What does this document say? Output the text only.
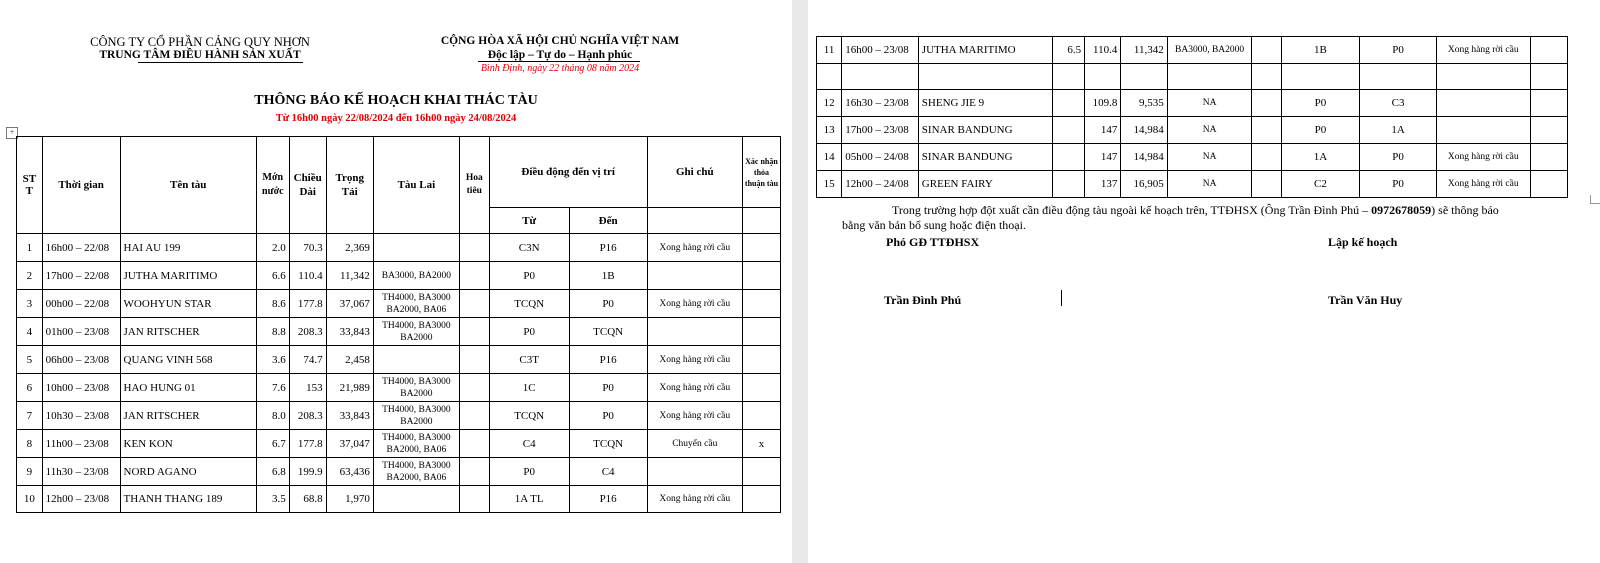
CÔNG TY CỔ PHẦN CẢNG QUY NHƠN
TRUNG TÂM ĐIỀU HÀNH SẢN XUẤT
CỘNG HÒA XÃ HỘI CHỦ NGHĨA VIỆT NAM
Độc lập – Tự do – Hạnh phúc
Bình Định, ngày 22 tháng 08 năm 2024
THÔNG BÁO KẾ HOẠCH KHAI THÁC TÀU
Từ 16h00 ngày 22/08/2024 đến 16h00 ngày 24/08/2024
+
ST T	Thời gian	Tên tàu	Mớn nước	Chiều Dài	Trọng Tải	Tàu Lai	Hoa tiêu	Điều động đến vị trí		Ghi chú	Xác nhận thỏa thuận tàu
								Từ	Đến		
1	16h00 – 22/08	HAI AU 199	2.0	70.3	2,369			C3N	P16	Xong hàng rời cầu	
2	17h00 – 22/08	JUTHA MARITIMO	6.6	110.4	11,342	BA3000, BA2000		P0	1B		
3	00h00 – 22/08	WOOHYUN STAR	8.6	177.8	37,067	TH4000, BA3000 BA2000, BA06		TCQN	P0	Xong hàng rời cầu	
4	01h00 – 23/08	JAN RITSCHER	8.8	208.3	33,843	TH4000, BA3000 BA2000		P0	TCQN		
5	06h00 – 23/08	QUANG VINH 568	3.6	74.7	2,458			C3T	P16	Xong hàng rời cầu	
6	10h00 – 23/08	HAO HUNG 01	7.6	153	21,989	TH4000, BA3000 BA2000		1C	P0	Xong hàng rời cầu	
7	10h30 – 23/08	JAN RITSCHER	8.0	208.3	33,843	TH4000, BA3000 BA2000		TCQN	P0	Xong hàng rời cầu	
8	11h00 – 23/08	KEN KON	6.7	177.8	37,047	TH4000, BA3000 BA2000, BA06		C4	TCQN	Chuyển cầu	x
9	11h30 – 23/08	NORD AGANO	6.8	199.9	63,436	TH4000, BA3000 BA2000, BA06		P0	C4		
10	12h00 – 23/08	THANH THANG 189	3.5	68.8	1,970			1A TL	P16	Xong hàng rời cầu	
11	16h00 – 23/08	JUTHA MARITIMO	6.5	110.4	11,342	BA3000, BA2000		1B	P0	Xong hàng rời cầu	

12	16h30 – 23/08	SHENG JIE 9		109.8	9,535	NA		P0	C3		
13	17h00 – 23/08	SINAR BANDUNG		147	14,984	NA		P0	1A		
14	05h00 – 24/08	SINAR BANDUNG		147	14,984	NA		1A	P0	Xong hàng rời cầu	
15	12h00 – 24/08	GREEN FAIRY		137	16,905	NA		C2	P0	Xong hàng rời cầu	
Trong trường hợp đột xuất cần điều động tàu ngoài kế hoạch trên, TTĐHSX (Ông Trần Đình Phú – 0972678059) sẽ thông báo
bằng văn bản bổ sung hoặc điện thoại.
Phó GĐ TTĐHSX	Lập kế hoạch
Trần Đình Phú	Trần Văn Huy
